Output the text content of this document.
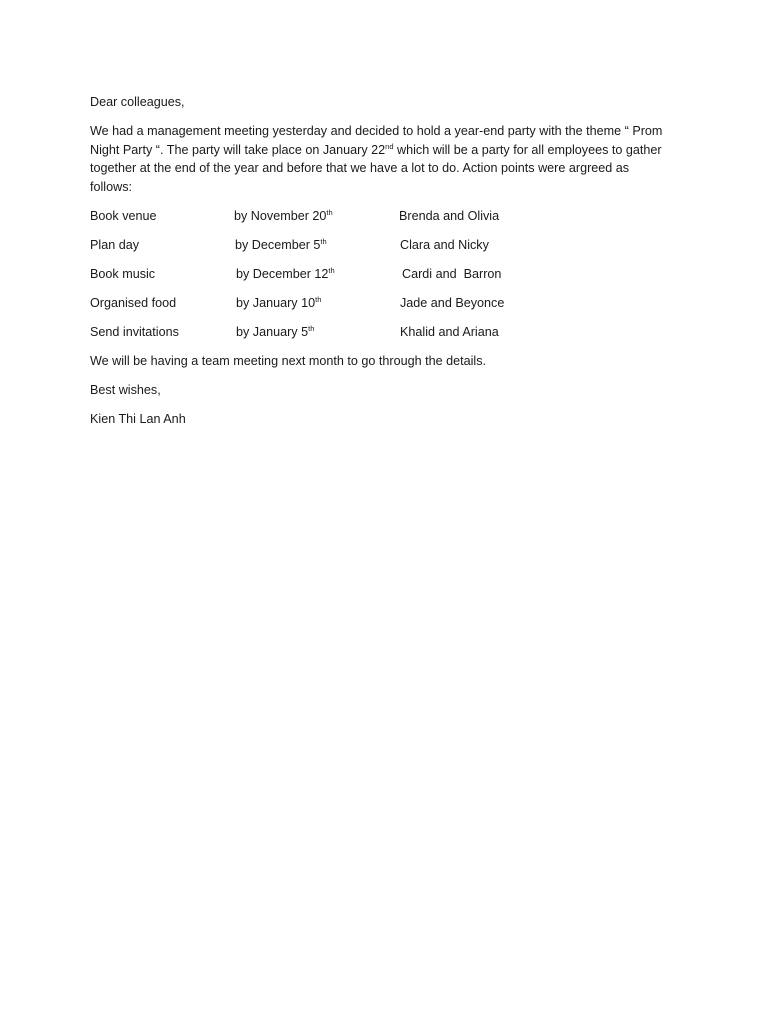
Dear colleagues,

We had a management meeting yesterday and decided to hold a year-end party with the theme “ Prom
Night Party “. The party will take place on January 22nd which will be a party for all employees to gather
together at the end of the year and before that we have a lot to do. Action points were argreed as
follows:

Book venue	by November 20th	Brenda and Olivia
Plan day	by December 5th	Clara and Nicky
Book music	by December 12th	Cardi and  Barron
Organised food	by January 10th	Jade and Beyonce
Send invitations	by January 5th	Khalid and Ariana

We will be having a team meeting next month to go through the details.

Best wishes,

Kien Thi Lan Anh
